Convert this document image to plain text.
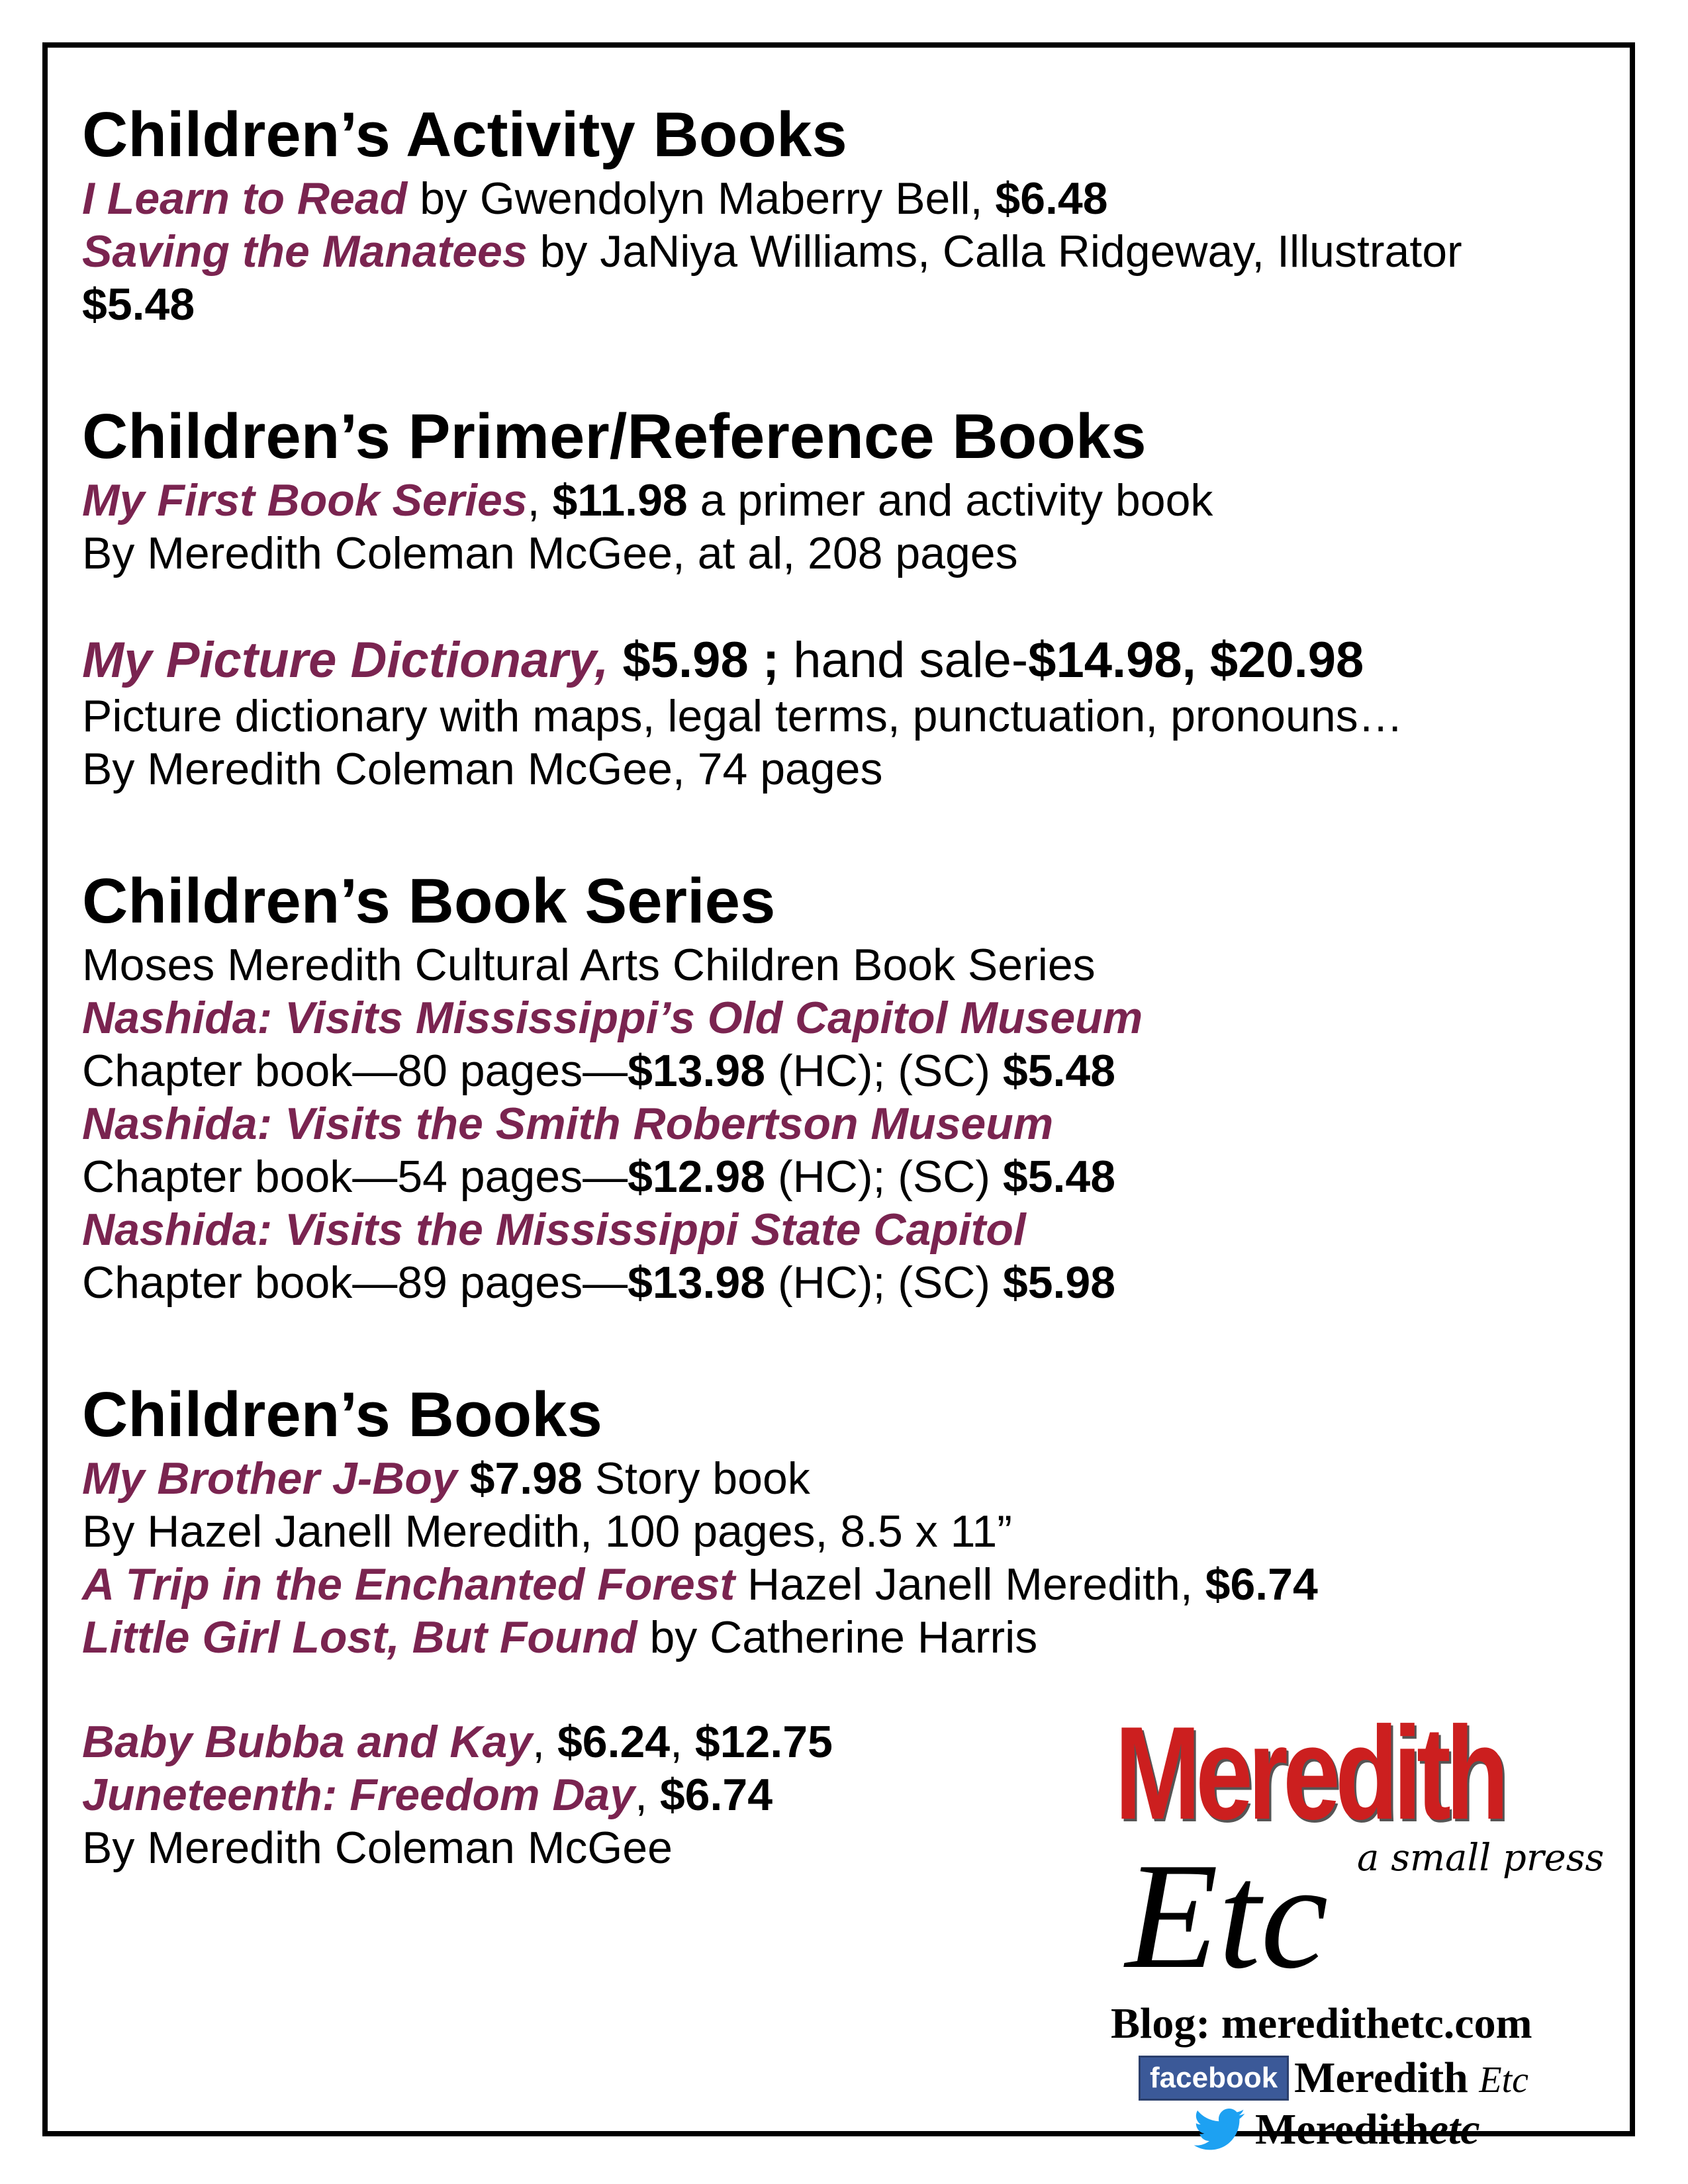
Children’s Activity Books
I Learn to Read by Gwendolyn Maberry Bell, $6.48
Saving the Manatees by JaNiya Williams, Calla Ridgeway, Illustrator
$5.48
Children’s Primer/Reference Books
My First Book Series, $11.98 a primer and activity book
By Meredith Coleman McGee, at al, 208 pages
My Picture Dictionary, $5.98 ; hand sale-$14.98, $20.98
Picture dictionary with maps, legal terms, punctuation, pronouns…
By Meredith Coleman McGee, 74 pages
Children’s Book Series
Moses Meredith Cultural Arts Children Book Series
Nashida: Visits Mississippi’s Old Capitol Museum
Chapter book—80 pages—$13.98 (HC); (SC) $5.48
Nashida: Visits the Smith Robertson Museum
Chapter book—54 pages—$12.98 (HC); (SC) $5.48
Nashida: Visits the Mississippi State Capitol
Chapter book—89 pages—$13.98 (HC); (SC) $5.98
Children’s Books
My Brother J-Boy $7.98 Story book
By Hazel Janell Meredith, 100 pages, 8.5 x 11”
A Trip in the Enchanted Forest Hazel Janell Meredith, $6.74
Little Girl Lost, But Found by Catherine Harris
Baby Bubba and Kay, $6.24, $12.75
Juneteenth: Freedom Day, $6.74
By Meredith Coleman McGee
Meredith
a small press
Etc
Blog: meredithetc.com
facebook Meredith Etc
Meredithetc
